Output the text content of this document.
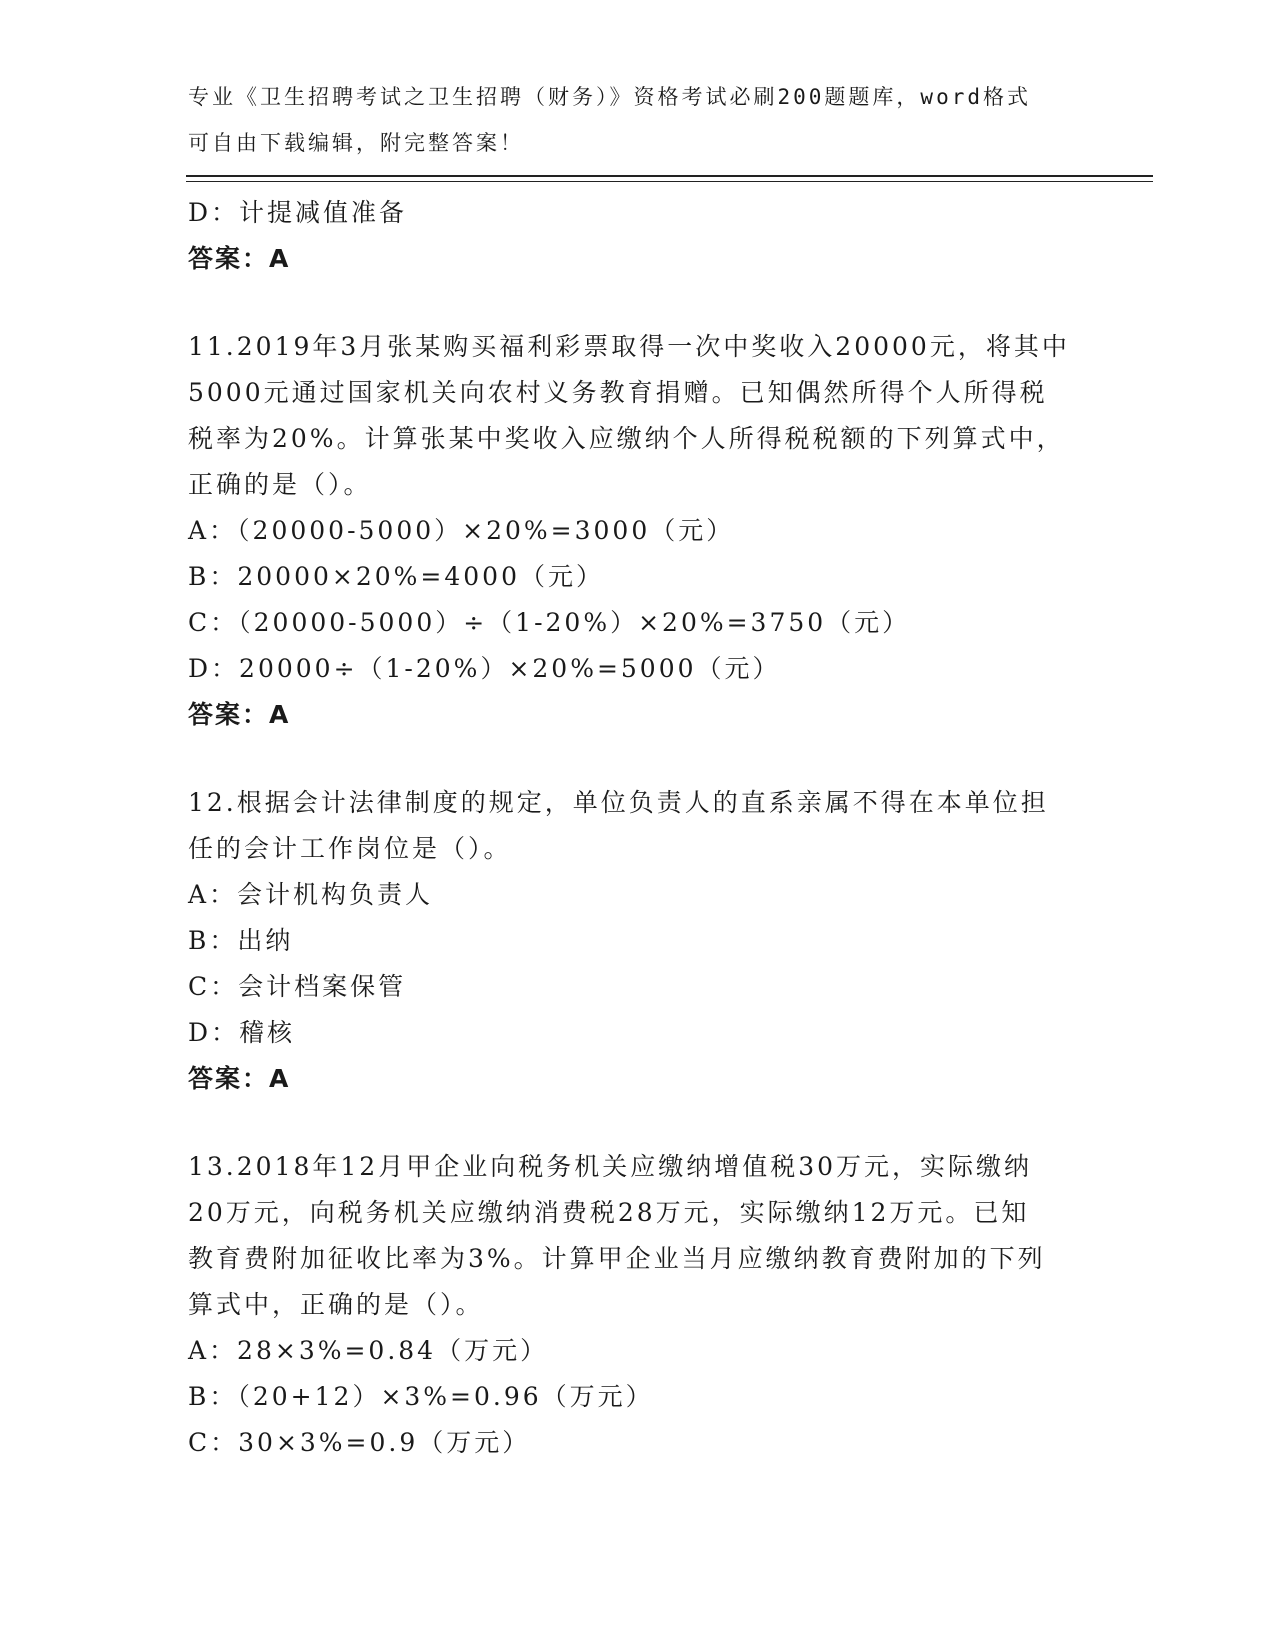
专业《卫生招聘考试之卫生招聘（财务）》资格考试必刷200题题库，word格式
可自由下载编辑，附完整答案！
D：计提减值准备
答案：A
11.2019年3月张某购买福利彩票取得一次中奖收入20000元，将其中
5000元通过国家机关向农村义务教育捐赠。已知偶然所得个人所得税
税率为20%。计算张某中奖收入应缴纳个人所得税税额的下列算式中，
正确的是（）。
A：（20000-5000）×20%=3000（元）
B：20000×20%=4000（元）
C：（20000-5000）÷（1-20%）×20%=3750（元）
D：20000÷（1-20%）×20%=5000（元）
答案：A
12.根据会计法律制度的规定，单位负责人的直系亲属不得在本单位担
任的会计工作岗位是（）。
A：会计机构负责人
B：出纳
C：会计档案保管
D：稽核
答案：A
13.2018年12月甲企业向税务机关应缴纳增值税30万元，实际缴纳
20万元，向税务机关应缴纳消费税28万元，实际缴纳12万元。已知
教育费附加征收比率为3%。计算甲企业当月应缴纳教育费附加的下列
算式中，正确的是（）。
A：28×3%=0.84（万元）
B：（20+12）×3%=0.96（万元）
C：30×3%=0.9（万元）
